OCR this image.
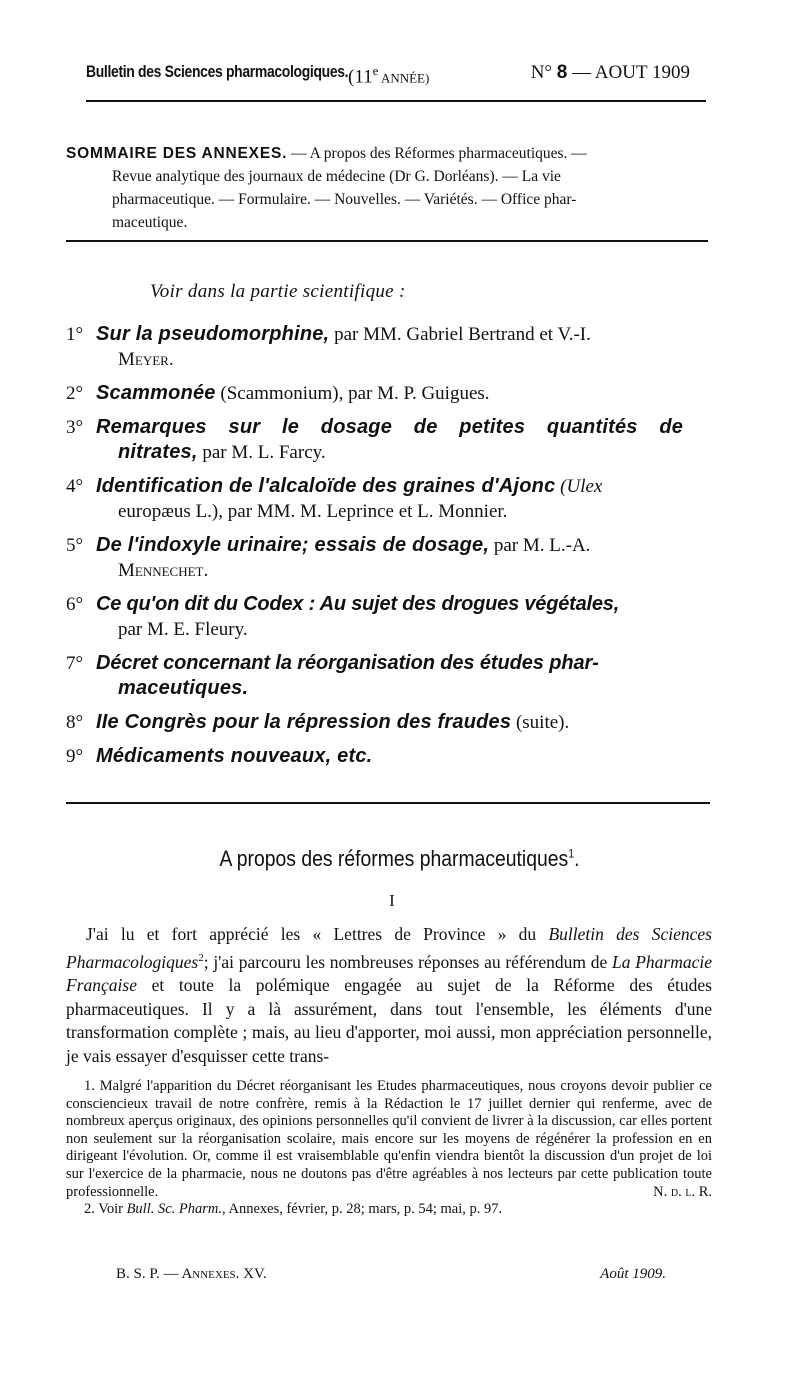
Bulletin des Sciences pharmacologiques. (11e ANNÉE)	N° 8 — AOUT 1909
SOMMAIRE DES ANNEXES. — A propos des Réformes pharmaceutiques. —
Revue analytique des journaux de médecine (Dr G. Dorléans). — La vie
pharmaceutique. — Formulaire. — Nouvelles. — Variétés. — Office phar-
maceutique.
Voir dans la partie scientifique :
1° Sur la pseudomorphine, par MM. Gabriel Bertrand et V.-I.
Meyer.
2° Scammonée (Scammonium), par M. P. Guigues.
3° Remarques sur le dosage de petites quantités de
nitrates, par M. L. Farcy.
4° Identification de l'alcaloïde des graines d'Ajonc (Ulex
europæus L.), par MM. M. Leprince et L. Monnier.
5° De l'indoxyle urinaire; essais de dosage, par M. L.-A.
Mennechet.
6° Ce qu'on dit du Codex : Au sujet des drogues végétales,
par M. E. Fleury.
7° Décret concernant la réorganisation des études phar-
maceutiques.
8° IIe Congrès pour la répression des fraudes (suite).
9° Médicaments nouveaux, etc.
A propos des réformes pharmaceutiques$^1$.
I
J'ai lu et fort apprécié les « Lettres de Province » du Bulletin des Sciences Pharmacologiques$^2$; j'ai parcouru les nombreuses réponses au référendum de La Pharmacie Française et toute la polémique engagée au sujet de la Réforme des études pharmaceutiques. Il y a là assurément, dans tout l'ensemble, les éléments d'une transformation complète ; mais, au lieu d'apporter, moi aussi, mon appréciation personnelle, je vais essayer d'esquisser cette trans-

1. Malgré l'apparition du Décret réorganisant les Etudes pharmaceutiques, nous croyons devoir publier ce consciencieux travail de notre confrère, remis à la Rédaction le 17 juillet dernier qui renferme, avec de nombreux aperçus originaux, des opinions personnelles qu'il convient de livrer à la discussion, car elles portent non seulement sur la réorganisation scolaire, mais encore sur les moyens de régénérer la profession en en dirigeant l'évolution. Or, comme il est vraisemblable qu'enfin viendra bientôt la discussion d'un projet de loi sur l'exercice de la pharmacie, nous ne doutons pas d'être agréables à nos lecteurs par cette publication toute professionnelle.	N. d. l. R.

2. Voir Bull. Sc. Pharm., Annexes, février, p. 28; mars, p. 54; mai, p. 97.

B. S. P. — Annexes. XV.	Août 1909.
